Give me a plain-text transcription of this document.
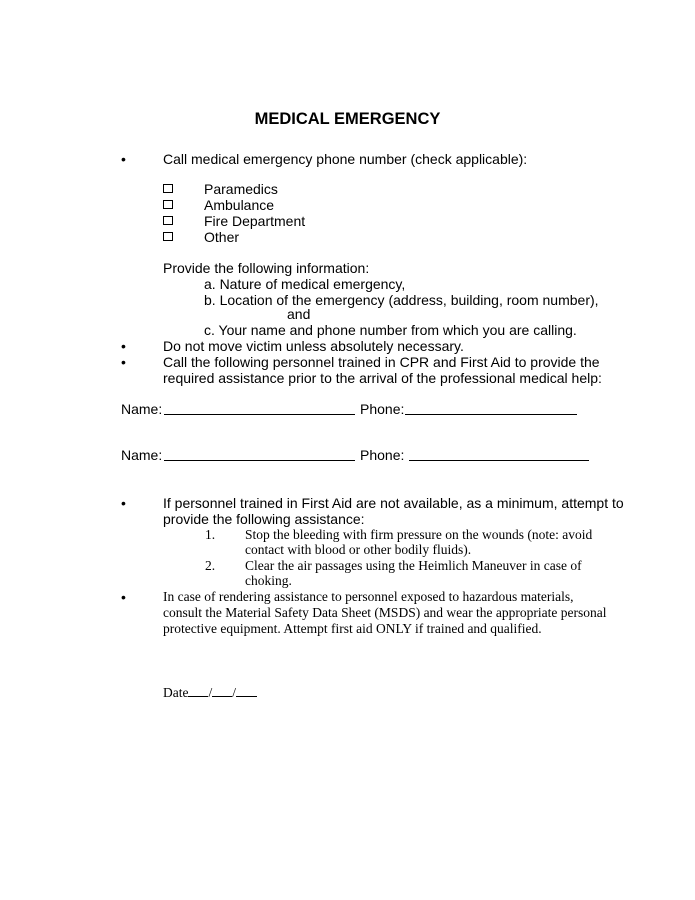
MEDICAL EMERGENCY
•	Call medical emergency phone number (check applicable):
Paramedics
Ambulance
Fire Department
Other
Provide the following information:
a. Nature of medical emergency,
b. Location of the emergency (address, building, room number),
and
c. Your name and phone number from which you are calling.
•	Do not move victim unless absolutely necessary.
•	Call the following personnel trained in CPR and First Aid to provide the
required assistance prior to the arrival of the professional medical help:
Name:	Phone:
Name:	Phone:
•	If personnel trained in First Aid are not available, as a minimum, attempt to
provide the following assistance:
1. Stop the bleeding with firm pressure on the wounds (note: avoid
contact with blood or other bodily fluids).
2. Clear the air passages using the Heimlich Maneuver in case of
choking.
•	In case of rendering assistance to personnel exposed to hazardous materials,
consult the Material Safety Data Sheet (MSDS) and wear the appropriate personal
protective equipment. Attempt first aid ONLY if trained and qualified.
Date / /
